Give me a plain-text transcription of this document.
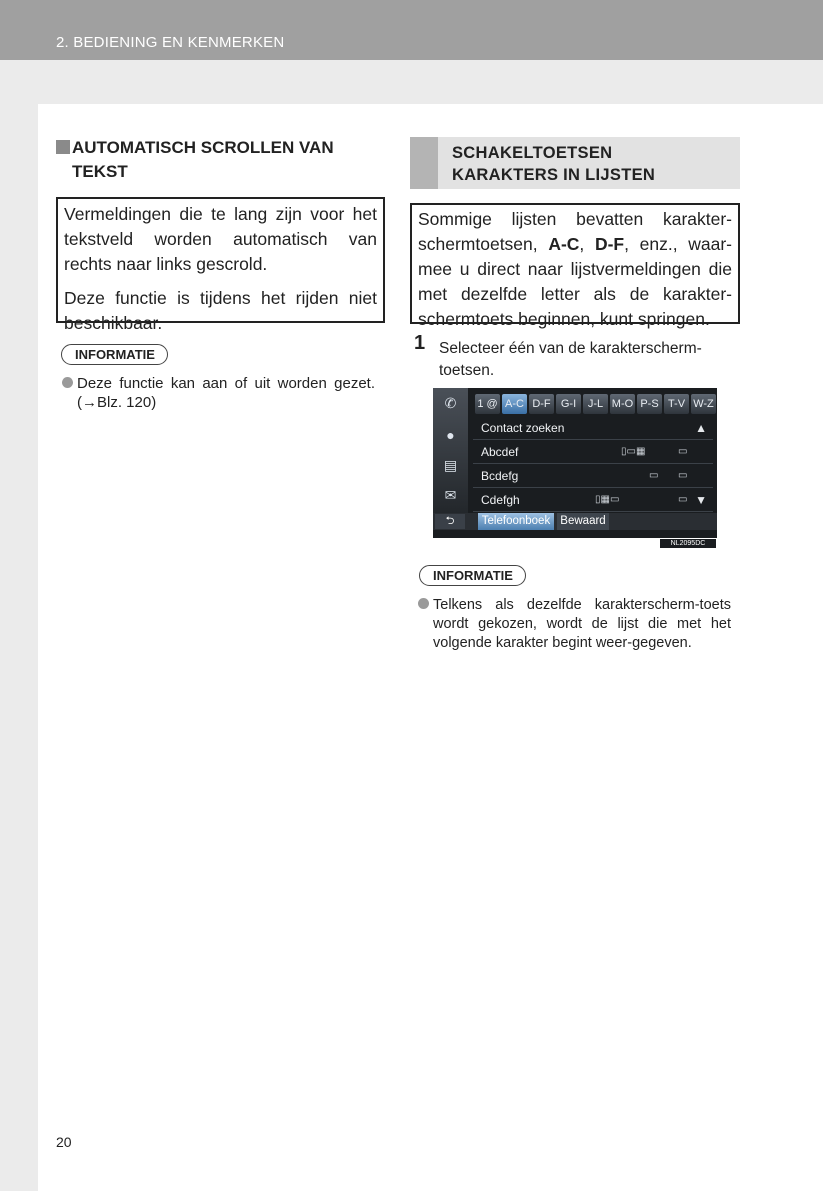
2. BEDIENING EN KENMERKEN
AUTOMATISCH SCROLLEN VAN
TEKST

Vermeldingen die te lang zijn voor het tekstveld worden automatisch van rechts naar links gescrold.

Deze functie is tijdens het rijden niet beschikbaar.

INFORMATIE
Deze functie kan aan of uit worden gezet. (→Blz. 120)
SCHAKELTOETSEN
KARAKTERS IN LIJSTEN

Sommige lijsten bevatten karakter-schermtoetsen, A-C, D-F, enz., waar-mee u direct naar lijstvermeldingen die met dezelfde letter als de karakter-schermtoets beginnen, kunt springen.

1 Selecteer één van de karakterscherm-toetsen.
✆
●
▤
✉
1 @ A-C D-F G-I	J-L M-O P-S T-V W-Z
Contact zoeken	▲
Abcdef	▯▭▦	▭
Bcdefg	▭ ▭
Cdefgh	▯▦▭	▭ ▼
⮌	Telefoonboek Bewaard
NL2095DC
INFORMATIE
Telkens als dezelfde karakterscherm-toets wordt gekozen, wordt de lijst die met het volgende karakter begint weer-gegeven.
20
